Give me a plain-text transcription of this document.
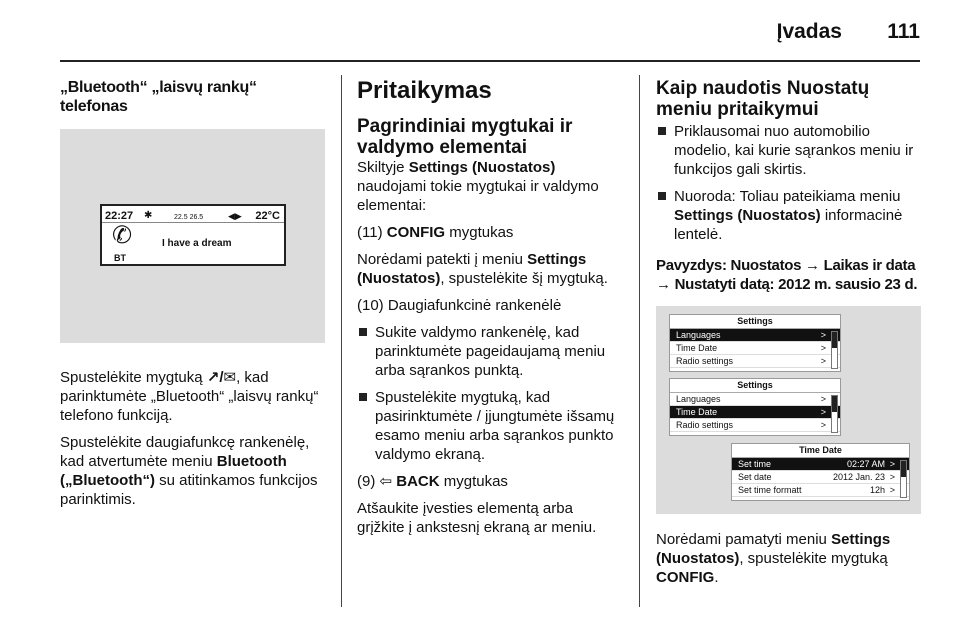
Įvadas 111
„Bluetooth“ „laisvų rankų“ telefonas
22:27 ✱	22.5 26.5	◀▶ 22°C
✆
BT
I have a dream

Spustelėkite mygtuką ↗/✉, kad parinktumėte „Bluetooth“ „laisvų rankų“ telefono funkciją.

Spustelėkite daugiafunkcę rankenėlę, kad atvertumėte meniu Bluetooth („Bluetooth“) su atitinkamos funkcijos parinktimis.

Pritaikymas
Pagrindiniai mygtukai ir valdymo elementai

Skiltyje Settings (Nuostatos) naudojami tokie mygtukai ir valdymo elementai:

(11) CONFIG mygtukas

Norėdami patekti į meniu Settings (Nuostatos), spustelėkite šį mygtuką.

(10) Daugiafunkcinė rankenėlė

Sukite valdymo rankenėlę, kad parinktumėte pageidaujamą meniu arba sąrankos punktą.
Spustelėkite mygtuką, kad pasirinktumėte / įjungtumėte išsamų esamo meniu arba sąrankos punkto valdymo ekraną.

(9) ⇦ BACK mygtukas

Atšaukite įvesties elementą arba grįžkite į ankstesnį ekraną ar meniu.

Kaip naudotis Nuostatų meniu pritaikymui
Priklausomai nuo automobilio modelio, kai kurie sąrankos meniu ir funkcijos gali skirtis.
Nuoroda: Toliau pateikiama meniu Settings (Nuostatos) informacinė lentelė.
Pavyzdys: Nuostatos → Laikas ir data → Nustatyti datą: 2012 m. sausio 23 d.
Settings
Languages	>
Time Date	>
Radio settings	>
Settings
Languages	>
Time Date	>
Radio settings	>
Time Date
Set time	02:27 AM >
Set date	2012 Jan. 23 >
Set time formatt	12h >

Norėdami pamatyti meniu Settings (Nuostatos), spustelėkite mygtuką CONFIG.
